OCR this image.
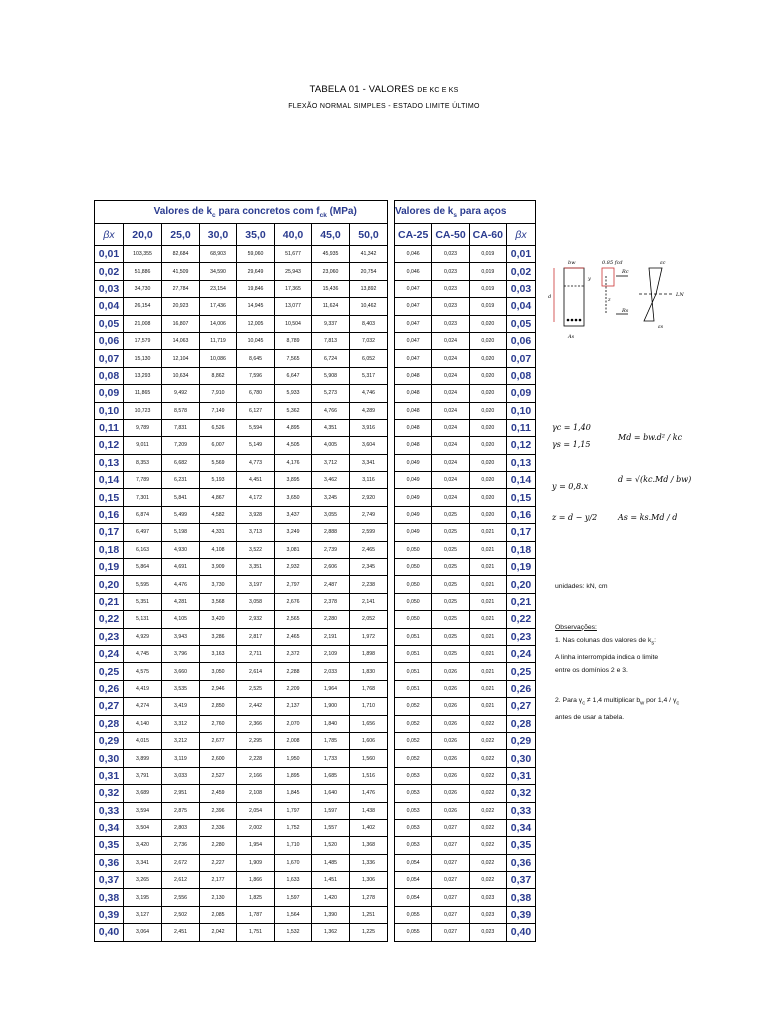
TABELA 01 - VALORES DE KC E KS
FLEXÃO NORMAL SIMPLES - ESTADO LIMITE ÚLTIMO
	Valores de $k_c$ para concretos com $f_{ck}$ (MPa)						
βx	20,0	25,0	30,0	35,0	40,0	45,0	50,0
0,01	103,355	82,684	68,903	59,060	51,677	45,935	41,342
0,02	51,886	41,509	34,590	29,649	25,943	23,060	20,754
0,03	34,730	27,784	23,154	19,846	17,365	15,436	13,892
0,04	26,154	20,923	17,436	14,945	13,077	11,624	10,462
0,05	21,008	16,807	14,006	12,005	10,504	9,337	8,403
0,06	17,579	14,063	11,719	10,045	8,789	7,813	7,032
0,07	15,130	12,104	10,086	8,645	7,565	6,724	6,052
0,08	13,293	10,634	8,862	7,596	6,647	5,908	5,317
0,09	11,865	9,492	7,910	6,780	5,933	5,273	4,746
0,10	10,723	8,578	7,149	6,127	5,362	4,766	4,289
0,11	9,789	7,831	6,526	5,594	4,895	4,351	3,916
0,12	9,011	7,209	6,007	5,149	4,505	4,005	3,604
0,13	8,353	6,682	5,569	4,773	4,176	3,712	3,341
0,14	7,789	6,231	5,193	4,451	3,895	3,462	3,116
0,15	7,301	5,841	4,867	4,172	3,650	3,245	2,920
0,16	6,874	5,499	4,582	3,928	3,437	3,055	2,749
0,17	6,497	5,198	4,331	3,713	3,249	2,888	2,599
0,18	6,163	4,930	4,108	3,522	3,081	2,739	2,465
0,19	5,864	4,691	3,909	3,351	2,932	2,606	2,345
0,20	5,595	4,476	3,730	3,197	2,797	2,487	2,238
0,21	5,351	4,281	3,568	3,058	2,676	2,378	2,141
0,22	5,131	4,105	3,420	2,932	2,565	2,280	2,052
0,23	4,929	3,943	3,286	2,817	2,465	2,191	1,972
0,24	4,745	3,796	3,163	2,711	2,372	2,109	1,898
0,25	4,575	3,660	3,050	2,614	2,288	2,033	1,830
0,26	4,419	3,535	2,946	2,525	2,209	1,964	1,768
0,27	4,274	3,419	2,850	2,442	2,137	1,900	1,710
0,28	4,140	3,312	2,760	2,366	2,070	1,840	1,656
0,29	4,015	3,212	2,677	2,295	2,008	1,785	1,606
0,30	3,899	3,119	2,600	2,228	1,950	1,733	1,560
0,31	3,791	3,033	2,527	2,166	1,895	1,685	1,516
0,32	3,689	2,951	2,459	2,108	1,845	1,640	1,476
0,33	3,594	2,875	2,396	2,054	1,797	1,597	1,438
0,34	3,504	2,803	2,336	2,002	1,752	1,557	1,402
0,35	3,420	2,736	2,280	1,954	1,710	1,520	1,368
0,36	3,341	2,672	2,227	1,909	1,670	1,485	1,336
0,37	3,265	2,612	2,177	1,866	1,633	1,451	1,306
0,38	3,195	2,556	2,130	1,825	1,597	1,420	1,278
0,39	3,127	2,502	2,085	1,787	1,564	1,390	1,251
0,40	3,064	2,451	2,042	1,751	1,532	1,362	1,225
Valores de $k_s$ para aços			
CA-25	CA-50	CA-60	βx
0,046	0,023	0,019	0,01
0,046	0,023	0,019	0,02
0,047	0,023	0,019	0,03
0,047	0,023	0,019	0,04
0,047	0,023	0,020	0,05
0,047	0,024	0,020	0,06
0,047	0,024	0,020	0,07
0,048	0,024	0,020	0,08
0,048	0,024	0,020	0,09
0,048	0,024	0,020	0,10
0,048	0,024	0,020	0,11
0,048	0,024	0,020	0,12
0,049	0,024	0,020	0,13
0,049	0,024	0,020	0,14
0,049	0,024	0,020	0,15
0,049	0,025	0,020	0,16
0,049	0,025	0,021	0,17
0,050	0,025	0,021	0,18
0,050	0,025	0,021	0,19
0,050	0,025	0,021	0,20
0,050	0,025	0,021	0,21
0,050	0,025	0,021	0,22
0,051	0,025	0,021	0,23
0,051	0,025	0,021	0,24
0,051	0,026	0,021	0,25
0,051	0,026	0,021	0,26
0,052	0,026	0,021	0,27
0,052	0,026	0,022	0,28
0,052	0,026	0,022	0,29
0,052	0,026	0,022	0,30
0,053	0,026	0,022	0,31
0,053	0,026	0,022	0,32
0,053	0,026	0,022	0,33
0,053	0,027	0,022	0,34
0,053	0,027	0,022	0,35
0,054	0,027	0,022	0,36
0,054	0,027	0,022	0,37
0,054	0,027	0,023	0,38
0,055	0,027	0,023	0,39
0,055	0,027	0,023	0,40
bw	0.85 fcd
y
Rc
d	z
Rs
As
LN
εc
εs
γc = 1,40
γs = 1,15
y = 0,8.x
z = d − y/2
Md = bw.d² / kc
d = √(kc.Md / bw)
As = ks.Md / d
unidades: kN, cm
Observações:
1. Nas colunas dos valores de $k_s$:
A linha interrompida indica o limite
entre os domínios 2 e 3.
2. Para $\gamma_c \ne 1,4$ multiplicar $b_w$ por $1,4 / \gamma_c$
antes de usar a tabela.
